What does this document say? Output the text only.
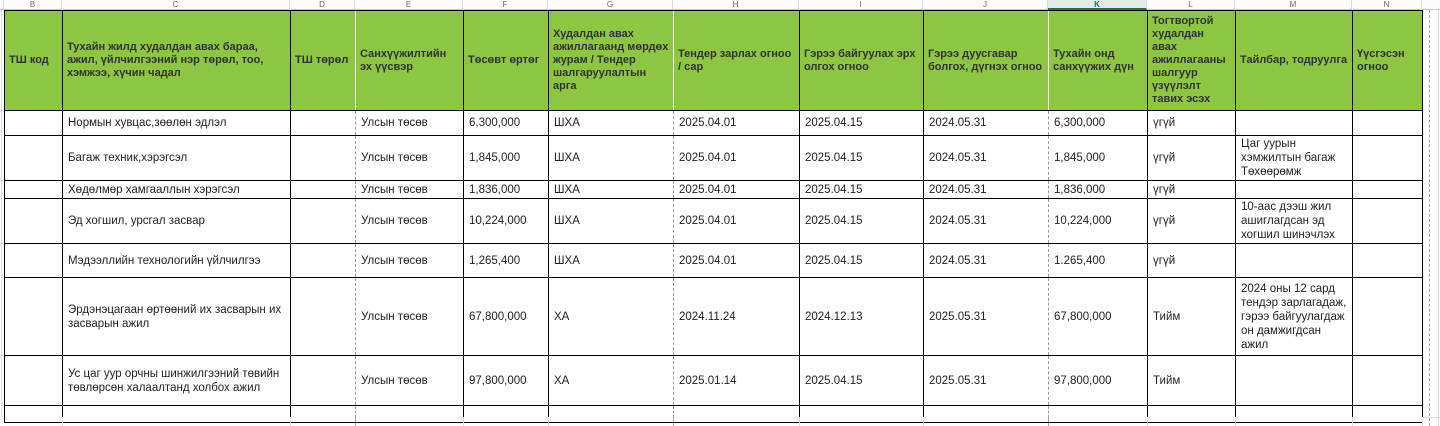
B	C	D	E	F	G	H	I	J	K	L	M	N
ТШ код	Тухайн жилд худалдан авах бараа, ажил, үйлчилгээний нэр төрөл, тоо, хэмжээ, хүчин чадал	ТШ төрөл	Санхүүжилтийн эх үүсвэр	Төсөвт өртөг	Худалдан авах ажиллагаанд мөрдөх журам / Тендер шалгаруулалтын арга	Тендер зарлах огноо / сар	Гэрээ байгуулах эрх олгох огноо	Гэрээ дуусгавар болгох, дүгнэх огноо	Тухайн онд санхүүжих дүн	Тогтвортой худалдан авах ажиллагааны шалгуур үзүүлэлт тавих эсэх	Тайлбар, тодруулга	Үүсгэсэн огноо
	Нормын хувцас,зөөлөн эдлэл		Улсын төсөв	6,300,000	ШХА	2025.04.01	2025.04.15	2024.05.31	6,300,000	үгүй		
	Багаж техник,хэрэгсэл		Улсын төсөв	1,845,000	ШХА	2025.04.01	2025.04.15	2024.05.31	1,845,000	үгүй	Цаг уурын хэмжилтын багаж Төхөөрөмж	
	Хөдөлмөр хамгааллын хэрэгсэл		Улсын төсөв	1,836,000	ШХА	2025.04.01	2025.04.15	2024.05.31	1,836,000	үгүй		
	Эд хогшил, урсгал засвар		Улсын төсөв	10,224,000	ШХА	2025.04.01	2025.04.15	2024.05.31	10,224,000	үгүй	10-аас дээш жил ашиглагдсан эд хогшил шинэчлэх	
	Мэдээллийн технологийн үйлчилгээ		Улсын төсөв	1,265,400	ШХА	2025.04.01	2025.04.15	2024.05.31	1.265,400	үгүй		
	Эрдэнэцагаан өртөөний их засварын их засварын ажил		Улсын төсөв	67,800,000	ХА	2024.11.24	2024.12.13	2025.05.31	67,800,000	Тийм	2024 оны 12 сард тендэр зарлагадаж, гэрээ байгуулагдаж он дамжигдсан ажил	
	Ус цаг уур орчны шинжилгээний төвийн төвлөрсөн халаалтанд холбох ажил		Улсын төсөв	97,800,000	ХА	2025.01.14	2025.04.15	2025.05.31	97,800,000	Тийм		
